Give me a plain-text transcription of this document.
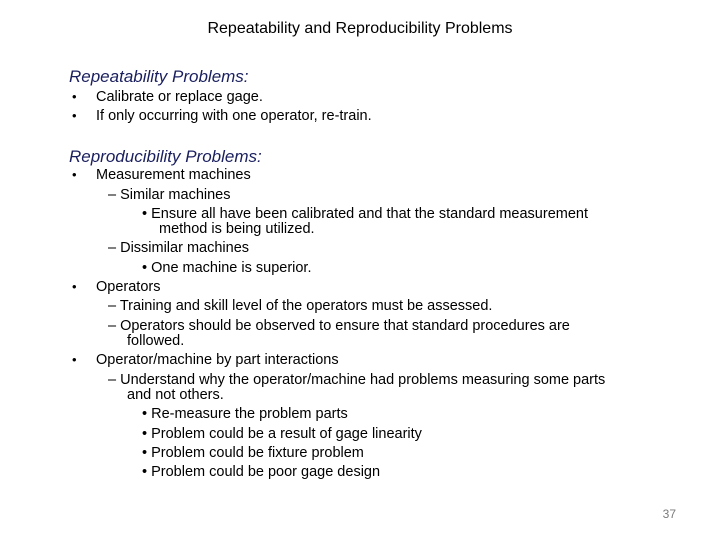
Repeatability and Reproducibility Problems
Repeatability Problems:
• Calibrate or replace gage.
• If only occurring with one operator, re-train.
Reproducibility Problems:
• Measurement machines
– Similar machines
• Ensure all have been calibrated and that the standard measurement
method is being utilized.
– Dissimilar machines
• One machine is superior.
• Operators
– Training and skill level of the operators must be assessed.
– Operators should be observed to ensure that standard procedures are
followed.
• Operator/machine by part interactions
– Understand why the operator/machine had problems measuring some parts
and not others.
• Re-measure the problem parts
• Problem could be a result of gage linearity
• Problem could be fixture problem
• Problem could be poor gage design
37
